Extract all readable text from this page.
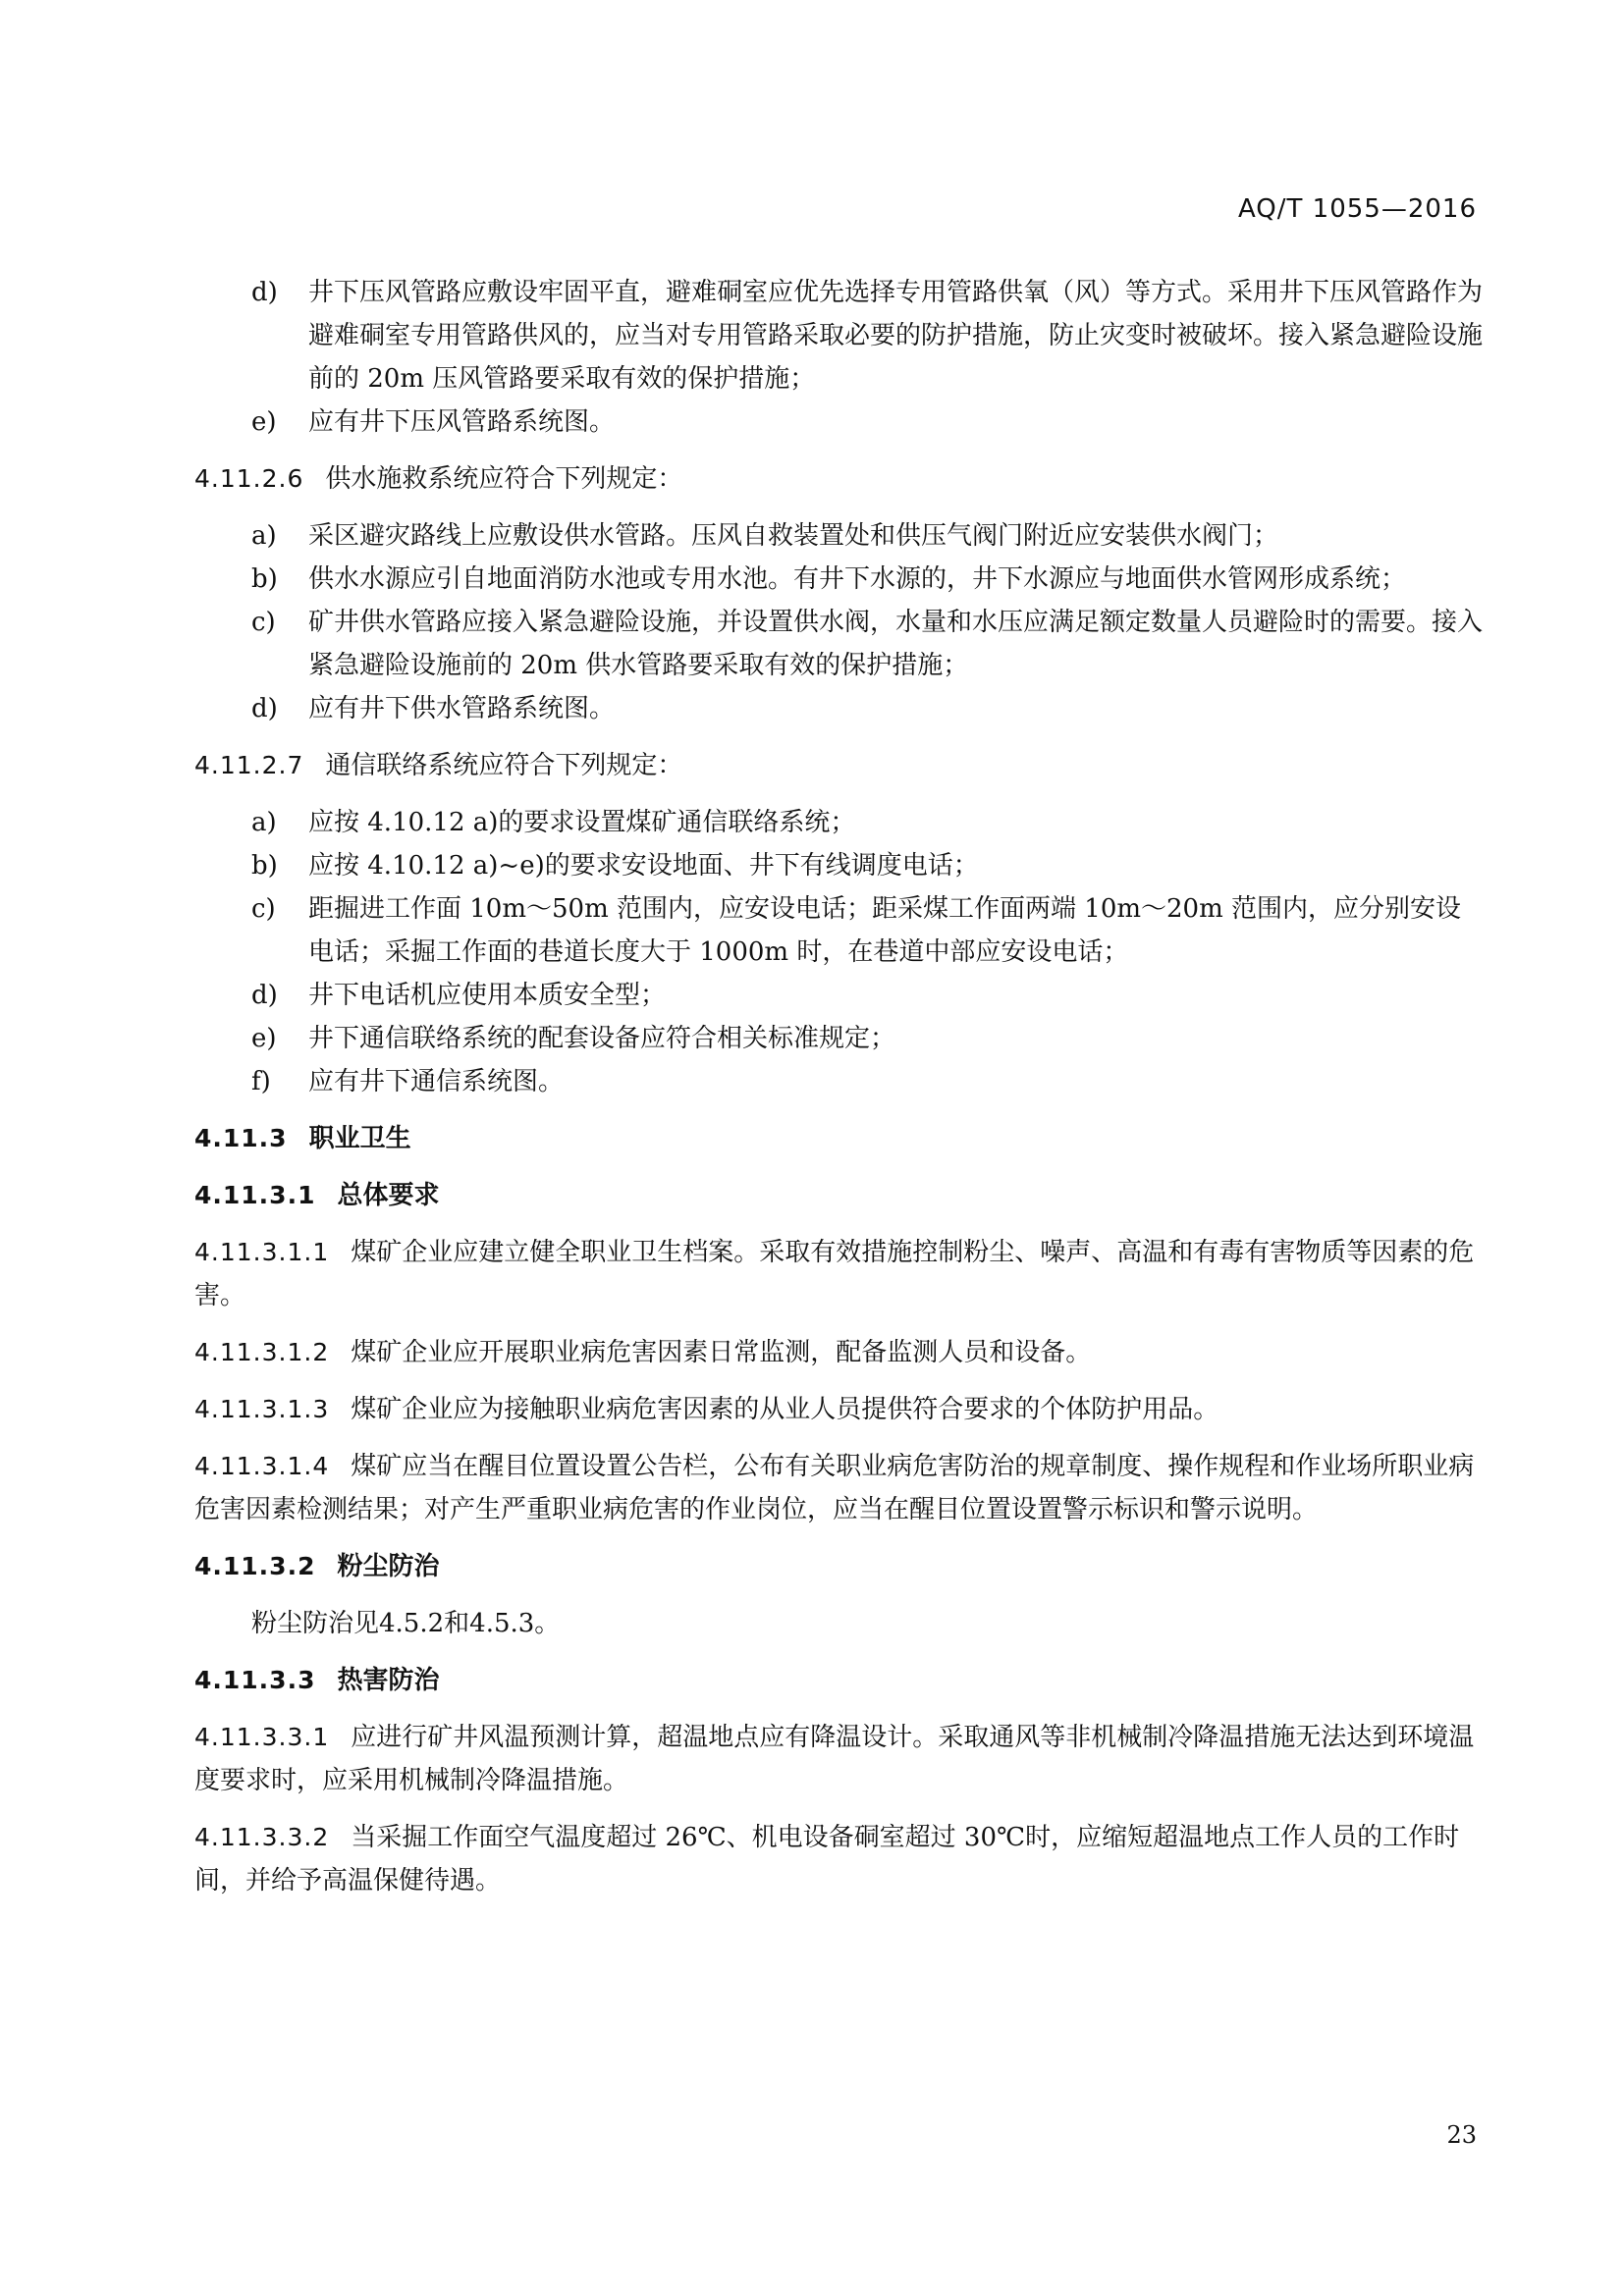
AQ/T 1055—2016
d)	井下压风管路应敷设牢固平直，避难硐室应优先选择专用管路供氧（风）等方式。采用井下压风管路作为避难硐室专用管路供风的，应当对专用管路采取必要的防护措施，防止灾变时被破坏。接入紧急避险设施前的 20m 压风管路要采取有效的保护措施；
e)	应有井下压风管路系统图。
4.11.2.6 供水施救系统应符合下列规定：
a)	采区避灾路线上应敷设供水管路。压风自救装置处和供压气阀门附近应安装供水阀门；
b)	供水水源应引自地面消防水池或专用水池。有井下水源的，井下水源应与地面供水管网形成系统；
c)	矿井供水管路应接入紧急避险设施，并设置供水阀，水量和水压应满足额定数量人员避险时的需要。接入紧急避险设施前的 20m 供水管路要采取有效的保护措施；
d)	应有井下供水管路系统图。
4.11.2.7 通信联络系统应符合下列规定：
a)	应按 4.10.12 a)的要求设置煤矿通信联络系统；
b)	应按 4.10.12 a)~e)的要求安设地面、井下有线调度电话；
c)	距掘进工作面 10m～50m 范围内，应安设电话；距采煤工作面两端 10m～20m 范围内，应分别安设电话；采掘工作面的巷道长度大于 1000m 时，在巷道中部应安设电话；
d)	井下电话机应使用本质安全型；
e)	井下通信联络系统的配套设备应符合相关标准规定；
f)	应有井下通信系统图。
4.11.3 职业卫生
4.11.3.1 总体要求
4.11.3.1.1 煤矿企业应建立健全职业卫生档案。采取有效措施控制粉尘、噪声、高温和有毒有害物质等因素的危害。
4.11.3.1.2 煤矿企业应开展职业病危害因素日常监测，配备监测人员和设备。
4.11.3.1.3 煤矿企业应为接触职业病危害因素的从业人员提供符合要求的个体防护用品。
4.11.3.1.4 煤矿应当在醒目位置设置公告栏，公布有关职业病危害防治的规章制度、操作规程和作业场所职业病危害因素检测结果；对产生严重职业病危害的作业岗位，应当在醒目位置设置警示标识和警示说明。
4.11.3.2 粉尘防治
粉尘防治见4.5.2和4.5.3。
4.11.3.3 热害防治
4.11.3.3.1 应进行矿井风温预测计算，超温地点应有降温设计。采取通风等非机械制冷降温措施无法达到环境温度要求时，应采用机械制冷降温措施。
4.11.3.3.2 当采掘工作面空气温度超过 26℃、机电设备硐室超过 30℃时，应缩短超温地点工作人员的工作时间，并给予高温保健待遇。
23
